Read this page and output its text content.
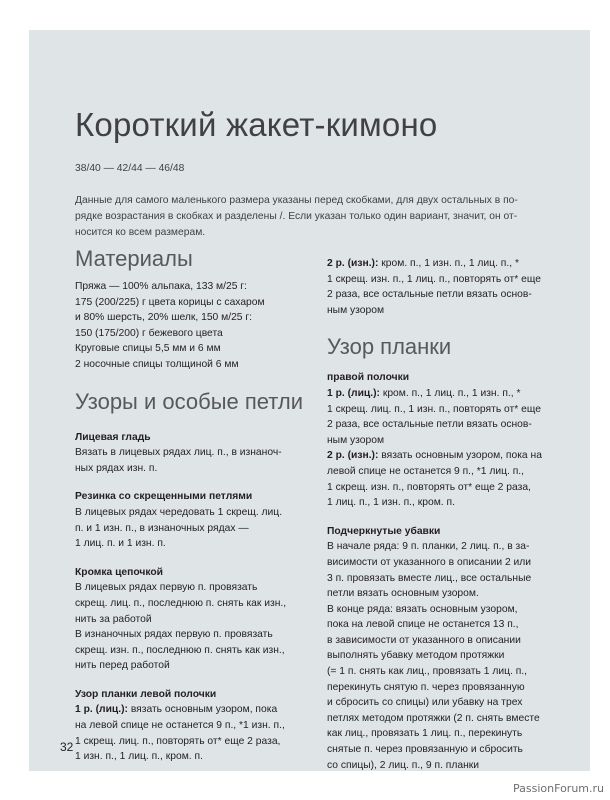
Короткий жакет-кимоно
38/40 — 42/44 — 46/48
Данные для самого маленького размера указаны перед скобками, для двух остальных в по-
рядке возрастания в скобках и разделены /. Если указан только один вариант, значит, он от-
носится ко всем размерам.
Материалы
Пряжа — 100% альпака, 133 м/25 г:
175 (200/225) г цвета корицы с сахаром
и 80% шерсть, 20% шелк, 150 м/25 г:
150 (175/200) г бежевого цвета
Круговые спицы 5,5 мм и 6 мм
2 носочные спицы толщиной 6 мм
Узоры и особые петли
Лицевая гладь
Вязать в лицевых рядах лиц. п., в изнаноч-
ных рядах изн. п.
Резинка со скрещенными петлями
В лицевых рядах чередовать 1 скрещ. лиц.
п. и 1 изн. п., в изнаночных рядах —
1 лиц. п. и 1 изн. п.
Кромка цепочкой
В лицевых рядах первую п. провязать
скрещ. лиц. п., последнюю п. снять как изн.,
нить за работой
В изнаночных рядах первую п. провязать
скрещ. изн. п., последнюю п. снять как изн.,
нить перед работой
Узор планки левой полочки
1 р. (лиц.): вязать основным узором, пока
на левой спице не останется 9 п., *1 изн. п.,
1 скрещ. лиц. п., повторять от* еще 2 раза,
1 изн. п., 1 лиц. п., кром. п.
2 р. (изн.): кром. п., 1 изн. п., 1 лиц. п., *
1 скрещ. изн. п., 1 лиц. п., повторять от* еще
2 раза, все остальные петли вязать основ-
ным узором
Узор планки
правой полочки
1 р. (лиц.): кром. п., 1 лиц. п., 1 изн. п., *
1 скрещ. лиц. п., 1 изн. п., повторять от* еще
2 раза, все остальные петли вязать основ-
ным узором
2 р. (изн.): вязать основным узором, пока на
левой спице не останется 9 п., *1 лиц. п.,
1 скрещ. изн. п., повторять от* еще 2 раза,
1 лиц. п., 1 изн. п., кром. п.
Подчеркнутые убавки
В начале ряда: 9 п. планки, 2 лиц. п., в за-
висимости от указанного в описании 2 или
3 п. провязать вместе лиц., все остальные
петли вязать основным узором.
В конце ряда: вязать основным узором,
пока на левой спице не останется 13 п.,
в зависимости от указанного в описании
выполнять убавку методом протяжки
(= 1 п. снять как лиц., провязать 1 лиц. п.,
перекинуть снятую п. через провязанную
и сбросить со спицы) или убавку на трех
петлях методом протяжки (2 п. снять вместе
как лиц., провязать 1 лиц. п., перекинуть
снятые п. через провязанную и сбросить
со спицы), 2 лиц. п., 9 п. планки
32
PassionForum.ru
